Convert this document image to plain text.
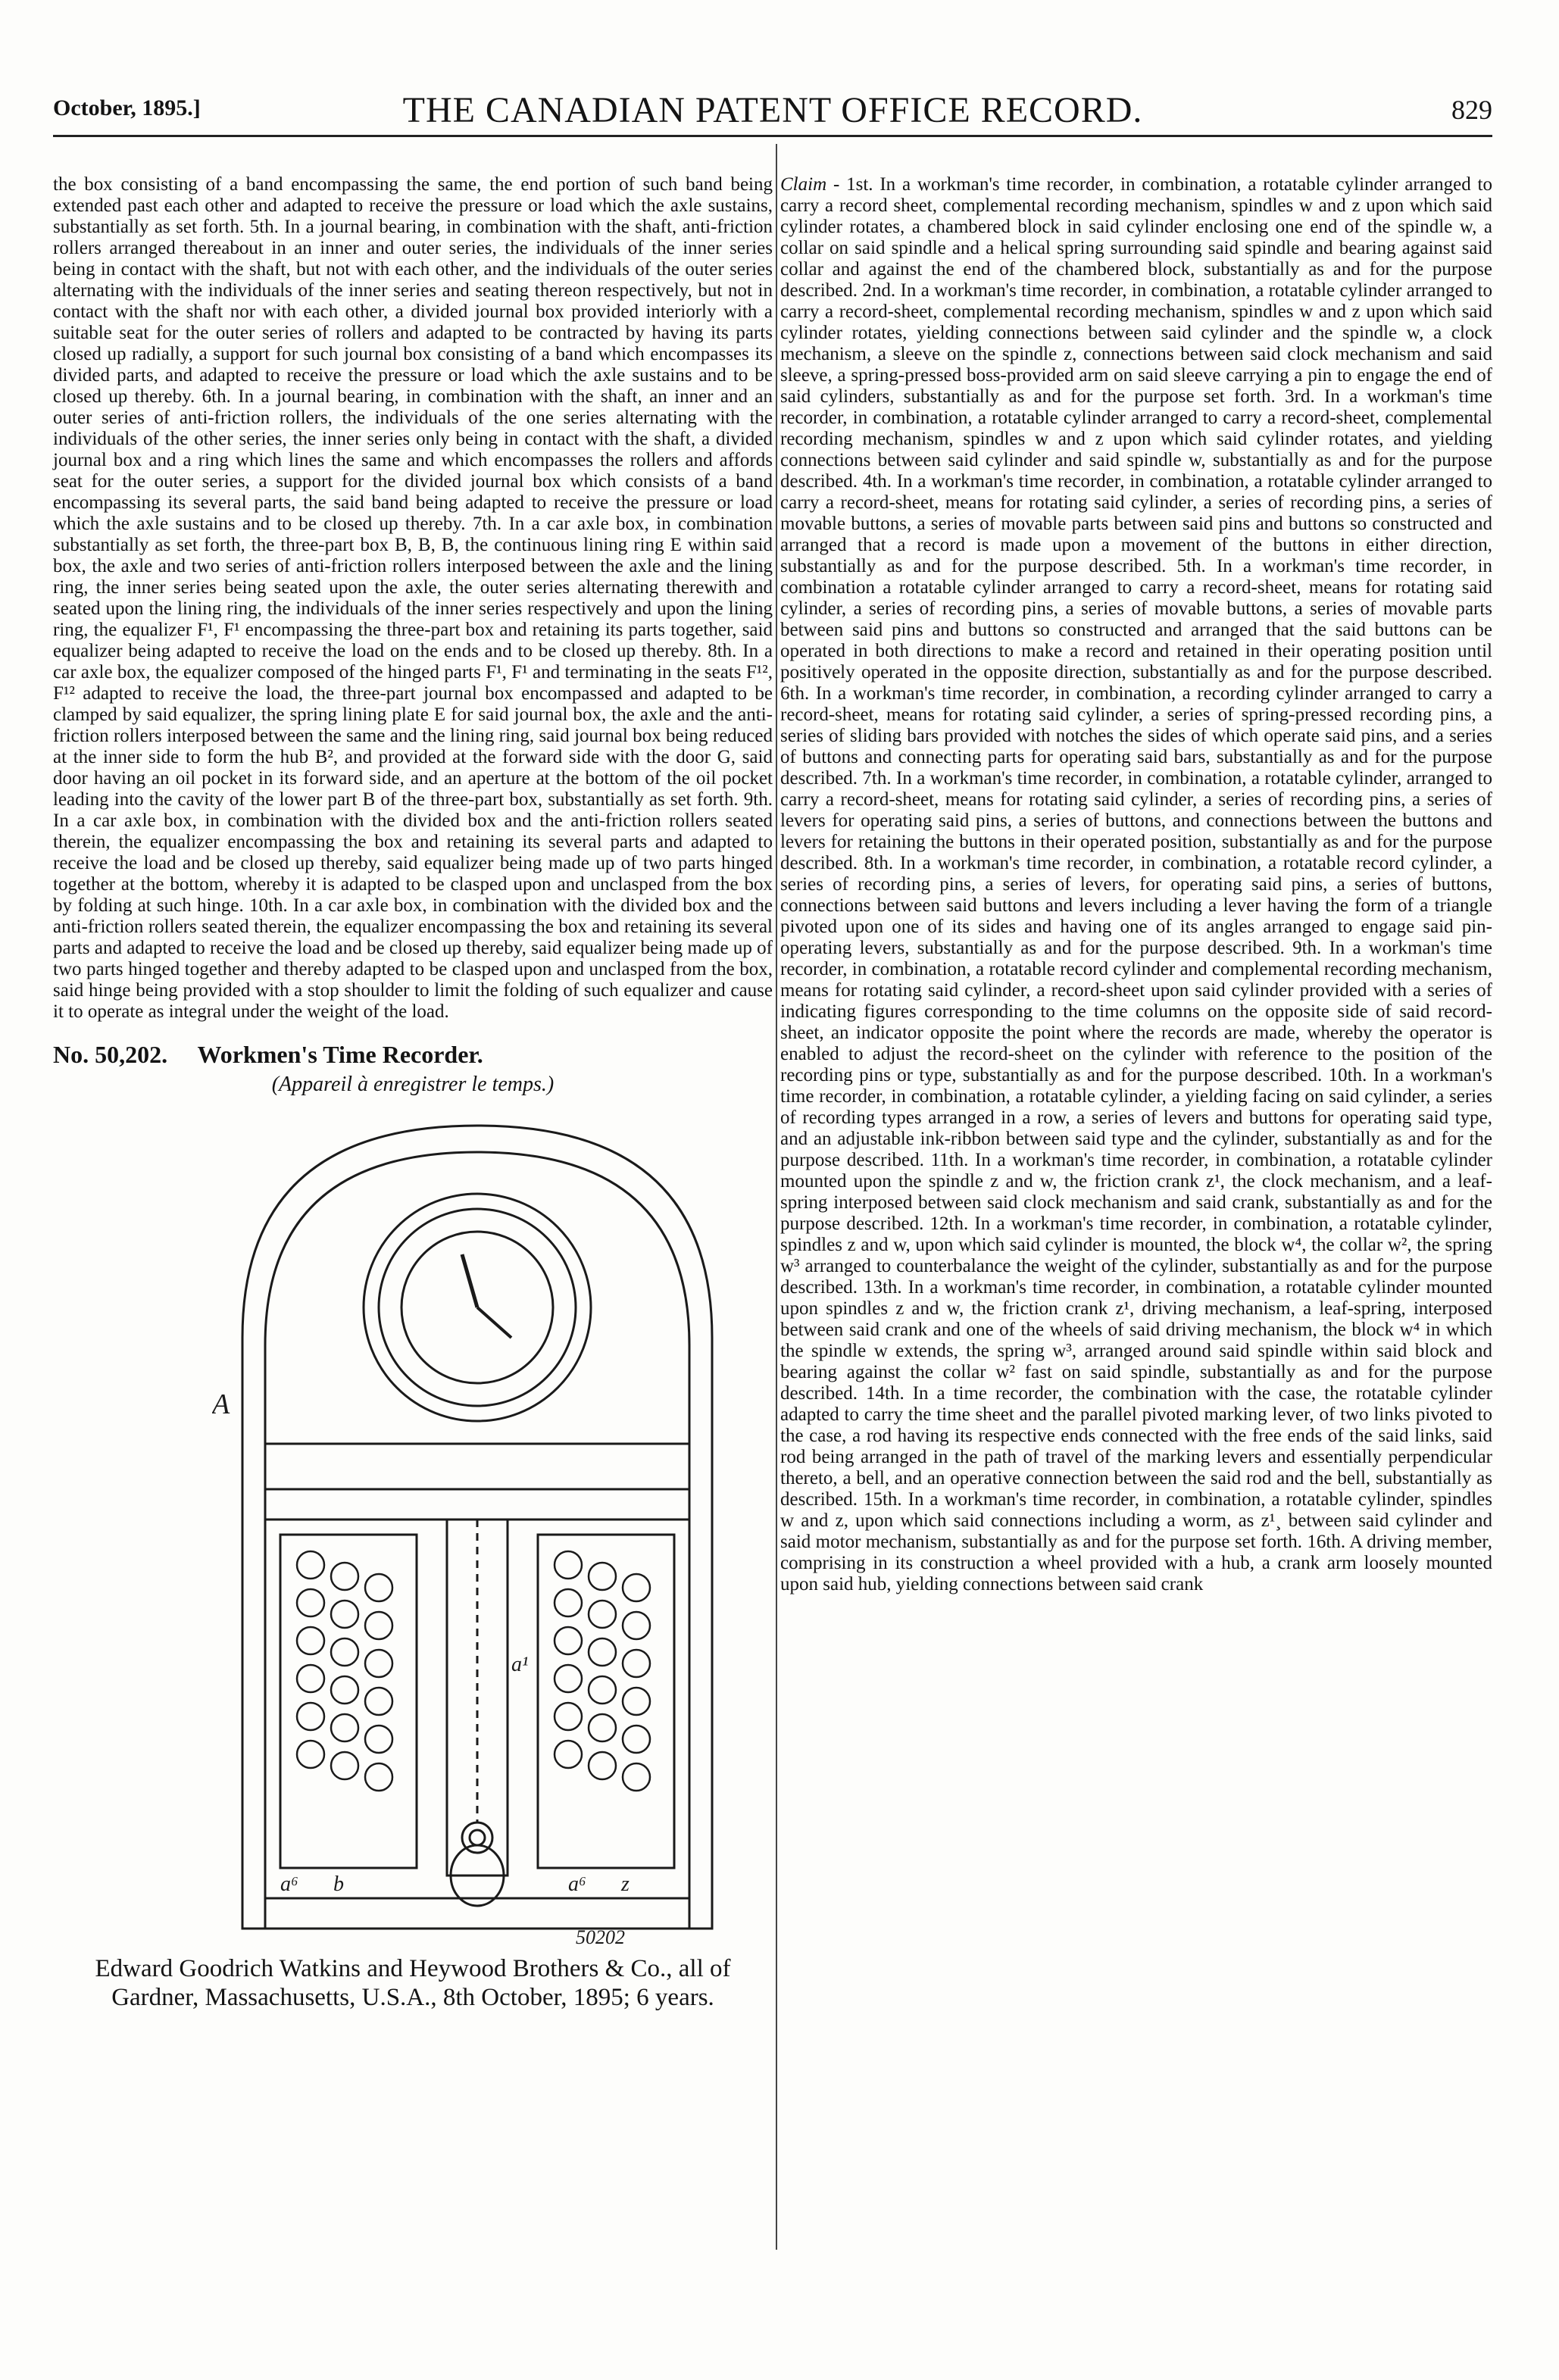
October, 1895.]	THE CANADIAN PATENT OFFICE RECORD.	829
the box consisting of a band encompassing the same, the end portion of such band being extended past each other and adapted to receive the pressure or load which the axle sustains, substantially as set forth. 5th. In a journal bearing, in combination with the shaft, anti-friction rollers arranged thereabout in an inner and outer series, the individuals of the inner series being in contact with the shaft, but not with each other, and the individuals of the outer series alternating with the individuals of the inner series and seating thereon respectively, but not in contact with the shaft nor with each other, a divided journal box provided interiorly with a suitable seat for the outer series of rollers and adapted to be contracted by having its parts closed up radially, a support for such journal box consisting of a band which encompasses its divided parts, and adapted to receive the pressure or load which the axle sustains and to be closed up thereby. 6th. In a journal bearing, in combination with the shaft, an inner and an outer series of anti-friction rollers, the individuals of the one series alternating with the individuals of the other series, the inner series only being in contact with the shaft, a divided journal box and a ring which lines the same and which encompasses the rollers and affords seat for the outer series, a support for the divided journal box which consists of a band encompassing its several parts, the said band being adapted to receive the pressure or load which the axle sustains and to be closed up thereby. 7th. In a car axle box, in combination substantially as set forth, the three-part box B, B, B, the continuous lining ring E within said box, the axle and two series of anti-friction rollers interposed between the axle and the lining ring, the inner series being seated upon the axle, the outer series alternating therewith and seated upon the lining ring, the individuals of the inner series respectively and upon the lining ring, the equalizer F¹, F¹ encompassing the three-part box and retaining its parts together, said equalizer being adapted to receive the load on the ends and to be closed up thereby. 8th. In a car axle box, the equalizer composed of the hinged parts F¹, F¹ and terminating in the seats F¹², F¹² adapted to receive the load, the three-part journal box encompassed and adapted to be clamped by said equalizer, the spring lining plate E for said journal box, the axle and the anti-friction rollers interposed between the same and the lining ring, said journal box being reduced at the inner side to form the hub B², and provided at the forward side with the door G, said door having an oil pocket in its forward side, and an aperture at the bottom of the oil pocket leading into the cavity of the lower part B of the three-part box, substantially as set forth. 9th. In a car axle box, in combination with the divided box and the anti-friction rollers seated therein, the equalizer encompassing the box and retaining its several parts and adapted to receive the load and be closed up thereby, said equalizer being made up of two parts hinged together at the bottom, whereby it is adapted to be clasped upon and unclasped from the box by folding at such hinge. 10th. In a car axle box, in combination with the divided box and the anti-friction rollers seated therein, the equalizer encompassing the box and retaining its several parts and adapted to receive the load and be closed up thereby, said equalizer being made up of two parts hinged together and thereby adapted to be clasped upon and unclasped from the box, said hinge being provided with a stop shoulder to limit the folding of such equalizer and cause it to operate as integral under the weight of the load.
No. 50,202. Workmen's Time Recorder.
(Appareil à enregistrer le temps.)
A
a¹
a⁶ b	z
a⁶
50202
Edward Goodrich Watkins and Heywood Brothers & Co., all of Gardner, Massachusetts, U.S.A., 8th October, 1895; 6 years.
Claim - 1st. In a workman's time recorder, in combination, a rotatable cylinder arranged to carry a record sheet, complemental recording mechanism, spindles w and z upon which said cylinder rotates, a chambered block in said cylinder enclosing one end of the spindle w, a collar on said spindle and a helical spring surrounding said spindle and bearing against said collar and against the end of the chambered block, substantially as and for the purpose described. 2nd. In a workman's time recorder, in combination, a rotatable cylinder arranged to carry a record-sheet, complemental recording mechanism, spindles w and z upon which said cylinder rotates, yielding connections between said cylinder and the spindle w, a clock mechanism, a sleeve on the spindle z, connections between said clock mechanism and said sleeve, a spring-pressed boss-provided arm on said sleeve carrying a pin to engage the end of said cylinders, substantially as and for the purpose set forth. 3rd. In a workman's time recorder, in combination, a rotatable cylinder arranged to carry a record-sheet, complemental recording mechanism, spindles w and z upon which said cylinder rotates, and yielding connections between said cylinder and said spindle w, substantially as and for the purpose described. 4th. In a workman's time recorder, in combination, a rotatable cylinder arranged to carry a record-sheet, means for rotating said cylinder, a series of recording pins, a series of movable buttons, a series of movable parts between said pins and buttons so constructed and arranged that a record is made upon a movement of the buttons in either direction, substantially as and for the purpose described. 5th. In a workman's time recorder, in combination a rotatable cylinder arranged to carry a record-sheet, means for rotating said cylinder, a series of recording pins, a series of movable buttons, a series of movable parts between said pins and buttons so constructed and arranged that the said buttons can be operated in both directions to make a record and retained in their operating position until positively operated in the opposite direction, substantially as and for the purpose described. 6th. In a workman's time recorder, in combination, a recording cylinder arranged to carry a record-sheet, means for rotating said cylinder, a series of spring-pressed recording pins, a series of sliding bars provided with notches the sides of which operate said pins, and a series of buttons and connecting parts for operating said bars, substantially as and for the purpose described. 7th. In a workman's time recorder, in combination, a rotatable cylinder, arranged to carry a record-sheet, means for rotating said cylinder, a series of recording pins, a series of levers for operating said pins, a series of buttons, and connections between the buttons and levers for retaining the buttons in their operated position, substantially as and for the purpose described. 8th. In a workman's time recorder, in combination, a rotatable record cylinder, a series of recording pins, a series of levers, for operating said pins, a series of buttons, connections between said buttons and levers including a lever having the form of a triangle pivoted upon one of its sides and having one of its angles arranged to engage said pin-operating levers, substantially as and for the purpose described. 9th. In a workman's time recorder, in combination, a rotatable record cylinder and complemental recording mechanism, means for rotating said cylinder, a record-sheet upon said cylinder provided with a series of indicating figures corresponding to the time columns on the opposite side of said record-sheet, an indicator opposite the point where the records are made, whereby the operator is enabled to adjust the record-sheet on the cylinder with reference to the position of the recording pins or type, substantially as and for the purpose described. 10th. In a workman's time recorder, in combination, a rotatable cylinder, a yielding facing on said cylinder, a series of recording types arranged in a row, a series of levers and buttons for operating said type, and an adjustable ink-ribbon between said type and the cylinder, substantially as and for the purpose described. 11th. In a workman's time recorder, in combination, a rotatable cylinder mounted upon the spindle z and w, the friction crank z¹, the clock mechanism, and a leaf-spring interposed between said clock mechanism and said crank, substantially as and for the purpose described. 12th. In a workman's time recorder, in combination, a rotatable cylinder, spindles z and w, upon which said cylinder is mounted, the block w⁴, the collar w², the spring w³ arranged to counterbalance the weight of the cylinder, substantially as and for the purpose described. 13th. In a workman's time recorder, in combination, a rotatable cylinder mounted upon spindles z and w, the friction crank z¹, driving mechanism, a leaf-spring, interposed between said crank and one of the wheels of said driving mechanism, the block w⁴ in which the spindle w extends, the spring w³, arranged around said spindle within said block and bearing against the collar w² fast on said spindle, substantially as and for the purpose described. 14th. In a time recorder, the combination with the case, the rotatable cylinder adapted to carry the time sheet and the parallel pivoted marking lever, of two links pivoted to the case, a rod having its respective ends connected with the free ends of the said links, said rod being arranged in the path of travel of the marking levers and essentially perpendicular thereto, a bell, and an operative connection between the said rod and the bell, substantially as described. 15th. In a workman's time recorder, in combination, a rotatable cylinder, spindles w and z, upon which said connections including a worm, as z¹¸ between said cylinder and said motor mechanism, substantially as and for the purpose set forth. 16th. A driving member, comprising in its construction a wheel provided with a hub, a crank arm loosely mounted upon said hub, yielding connections between said crank
